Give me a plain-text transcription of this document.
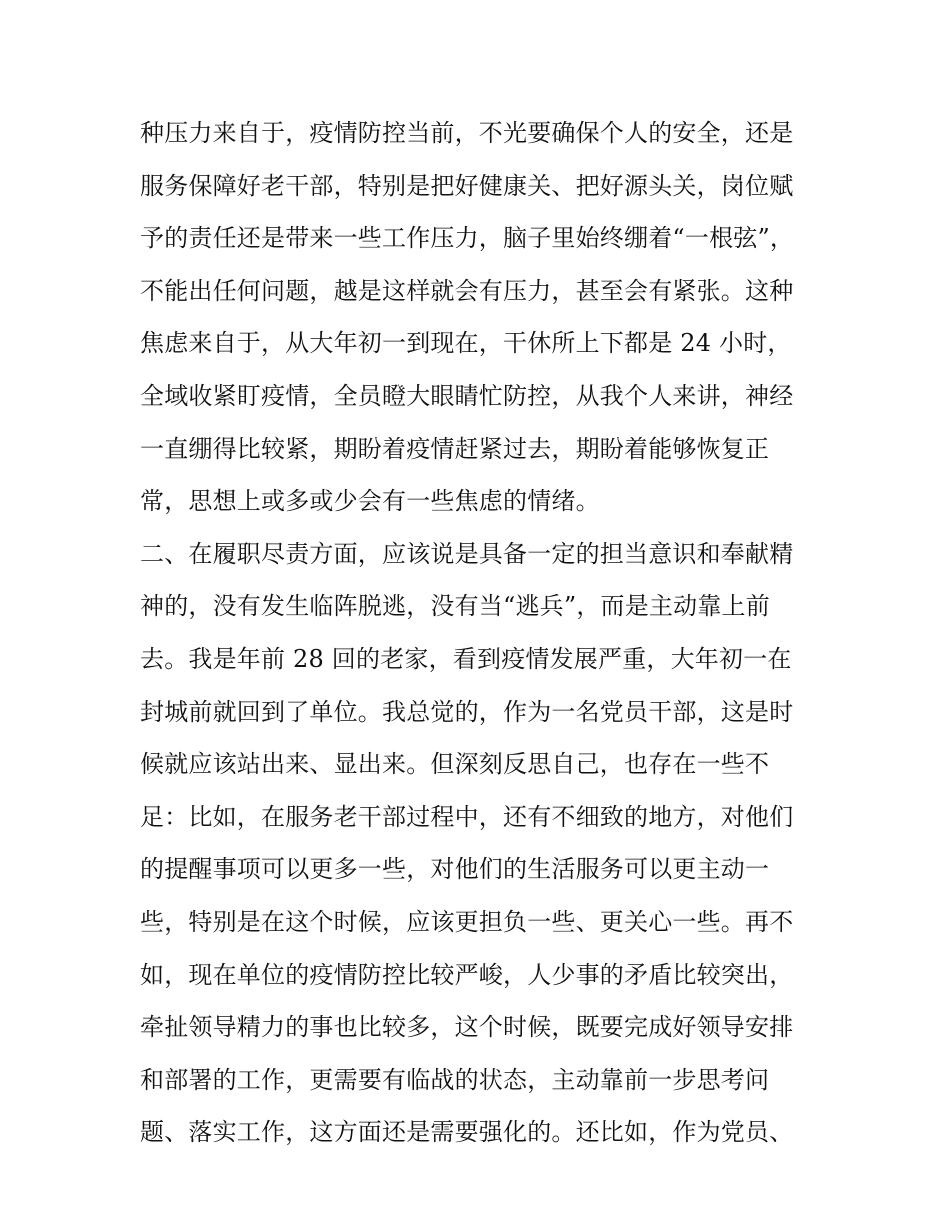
种压力来自于，疫情防控当前，不光要确保个人的安全，还是
服务保障好老干部，特别是把好健康关、把好源头关，岗位赋
予的责任还是带来一些工作压力，脑子里始终绷着“一根弦”，
不能出任何问题，越是这样就会有压力，甚至会有紧张。这种
焦虑来自于，从大年初一到现在，干休所上下都是 24 小时，
全域收紧盯疫情，全员瞪大眼睛忙防控，从我个人来讲，神经
一直绷得比较紧，期盼着疫情赶紧过去，期盼着能够恢复正
常，思想上或多或少会有一些焦虑的情绪。
二、在履职尽责方面，应该说是具备一定的担当意识和奉献精
神的，没有发生临阵脱逃，没有当“逃兵”，而是主动靠上前
去。我是年前 28 回的老家，看到疫情发展严重，大年初一在
封城前就回到了单位。我总觉的，作为一名党员干部，这是时
候就应该站出来、显出来。但深刻反思自己，也存在一些不
足：比如，在服务老干部过程中，还有不细致的地方，对他们
的提醒事项可以更多一些，对他们的生活服务可以更主动一
些，特别是在这个时候，应该更担负一些、更关心一些。再不
如，现在单位的疫情防控比较严峻，人少事的矛盾比较突出，
牵扯领导精力的事也比较多，这个时候，既要完成好领导安排
和部署的工作，更需要有临战的状态，主动靠前一步思考问
题、落实工作，这方面还是需要强化的。还比如，作为党员、
